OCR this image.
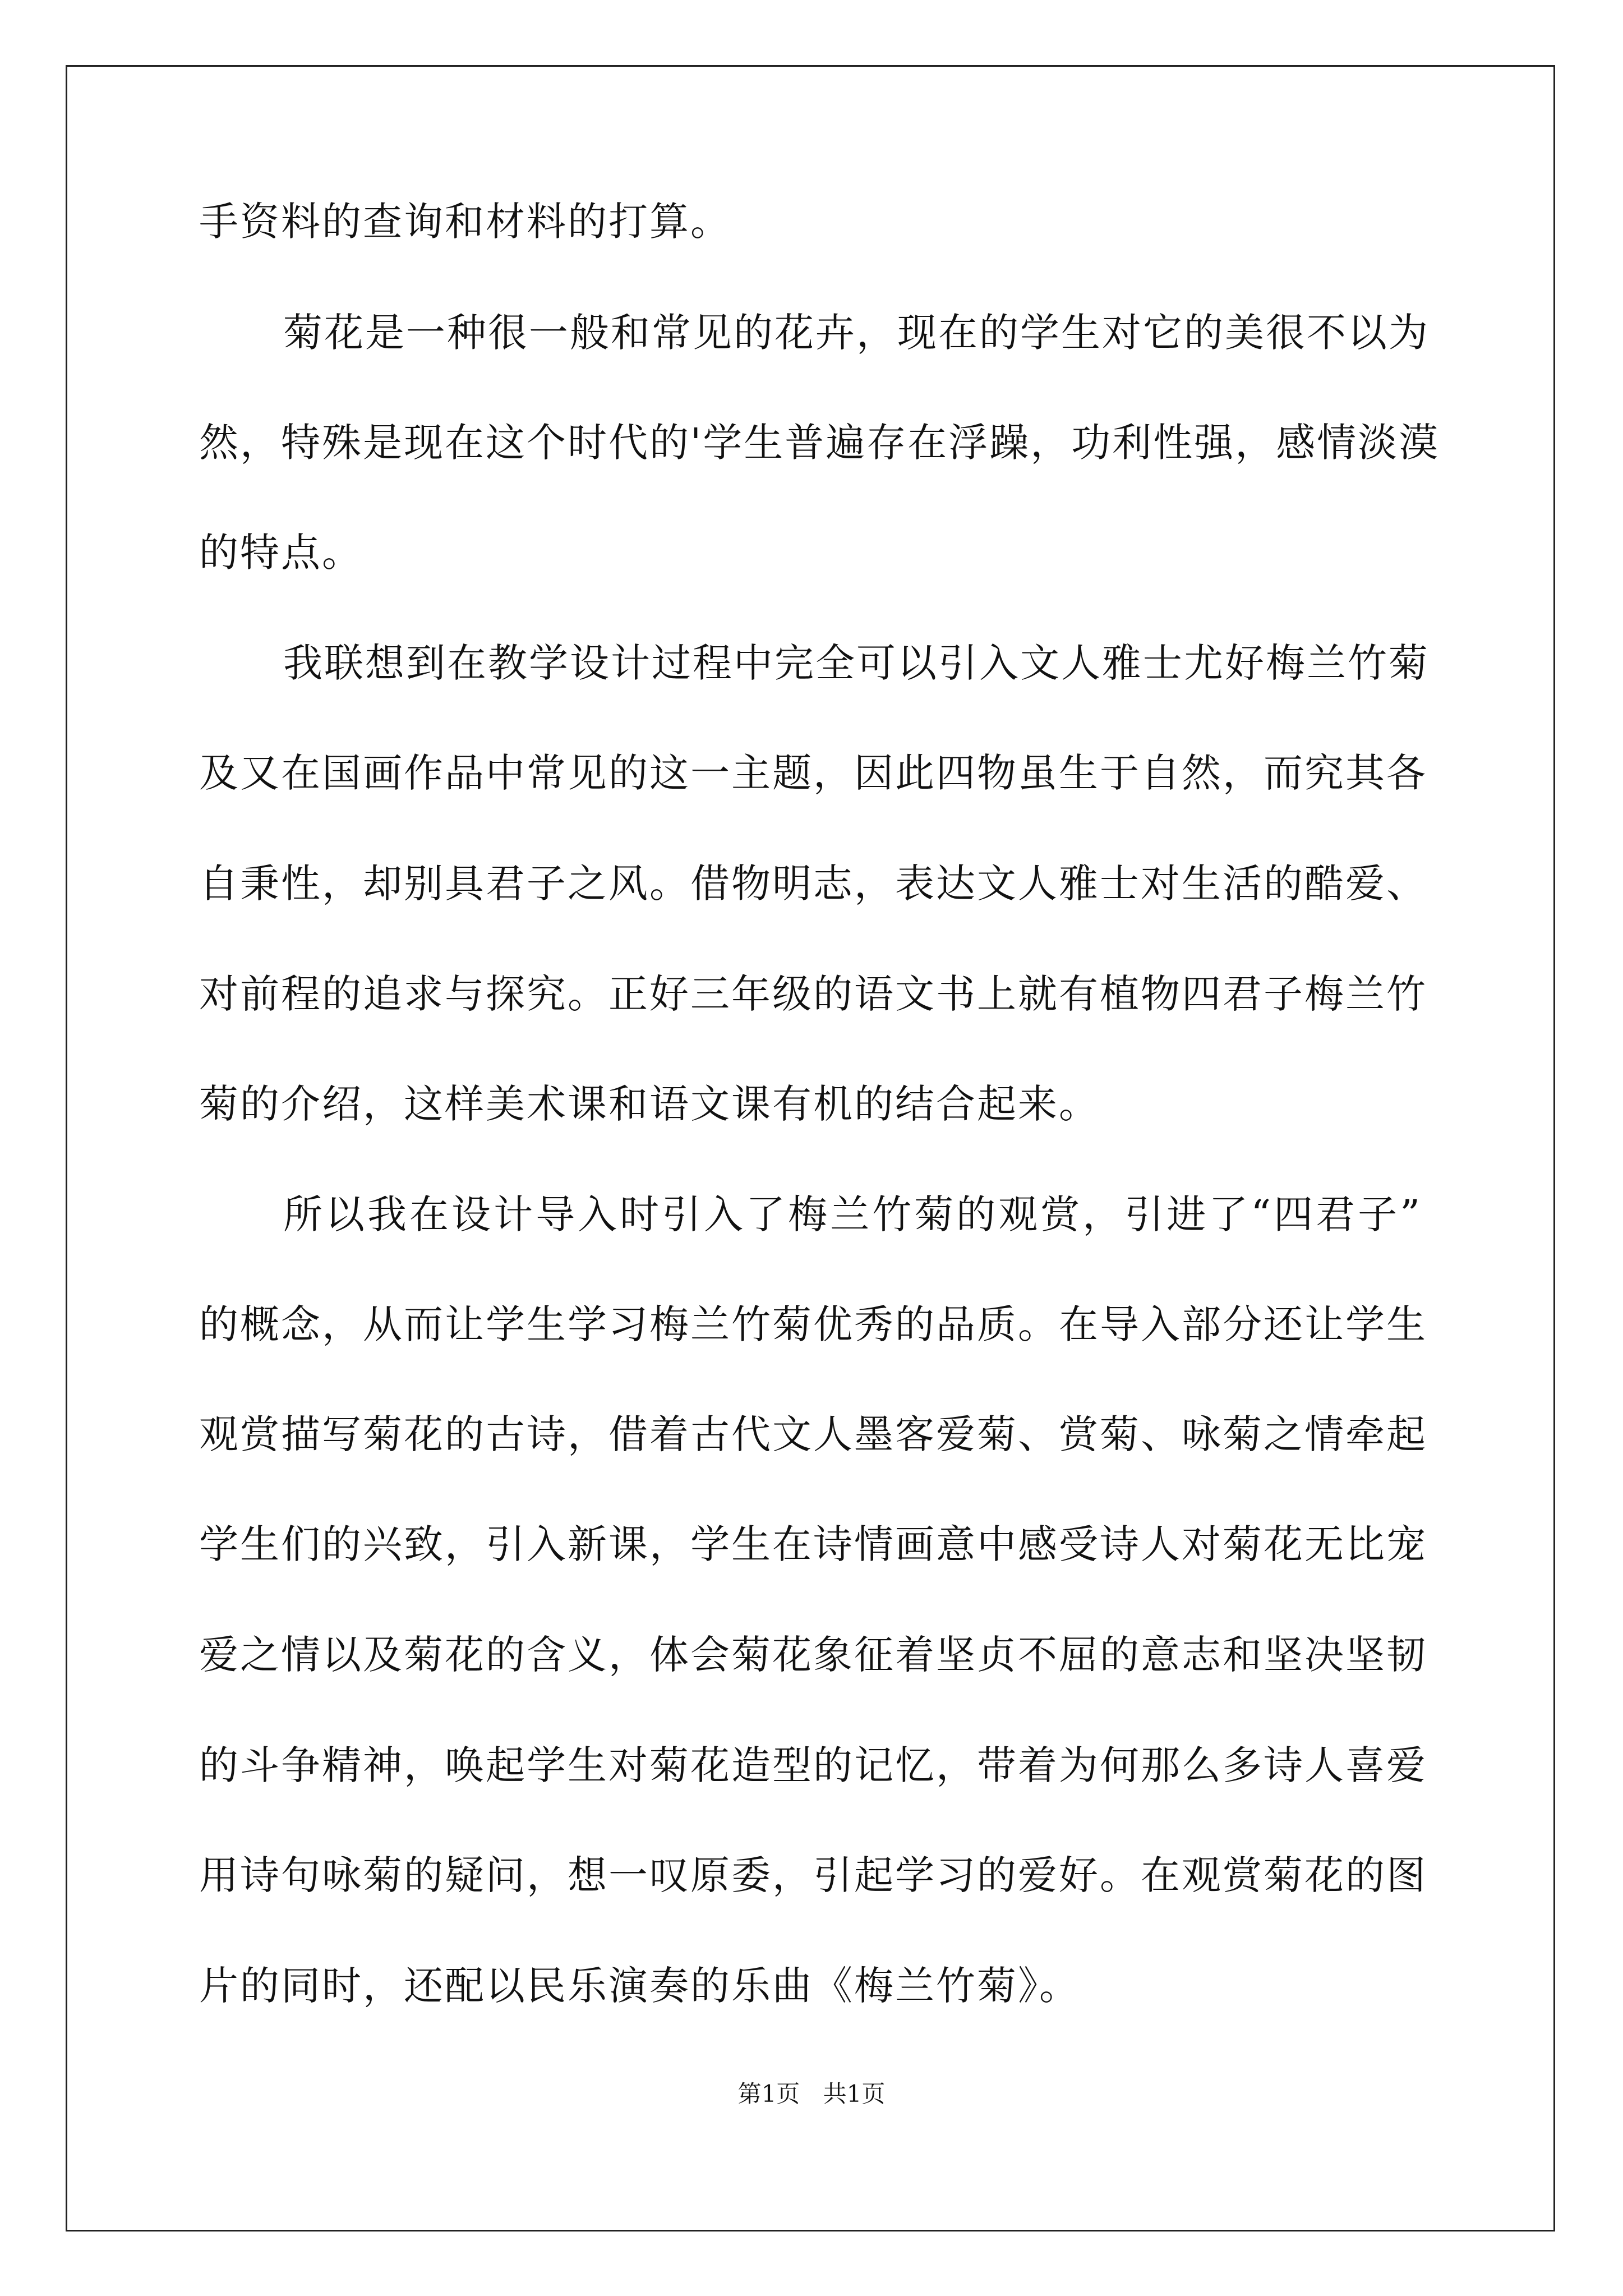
手资料的查询和材料的打算。
菊花是一种很一般和常见的花卉，现在的学生对它的美很不以为
然，特殊是现在这个时代的'学生普遍存在浮躁，功利性强，感情淡漠
的特点。
我联想到在教学设计过程中完全可以引入文人雅士尤好梅兰竹菊
及又在国画作品中常见的这一主题，因此四物虽生于自然，而究其各
自秉性，却别具君子之风。借物明志，表达文人雅士对生活的酷爱、
对前程的追求与探究。正好三年级的语文书上就有植物四君子梅兰竹
菊的介绍，这样美术课和语文课有机的结合起来。
所以我在设计导入时引入了梅兰竹菊的观赏，引进了“四君子”
的概念，从而让学生学习梅兰竹菊优秀的品质。在导入部分还让学生
观赏描写菊花的古诗，借着古代文人墨客爱菊、赏菊、咏菊之情牵起
学生们的兴致，引入新课，学生在诗情画意中感受诗人对菊花无比宠
爱之情以及菊花的含义，体会菊花象征着坚贞不屈的意志和坚决坚韧
的斗争精神，唤起学生对菊花造型的记忆，带着为何那么多诗人喜爱
用诗句咏菊的疑问，想一叹原委，引起学习的爱好。在观赏菊花的图
片的同时，还配以民乐演奏的乐曲《梅兰竹菊》。
第1页 共1页
